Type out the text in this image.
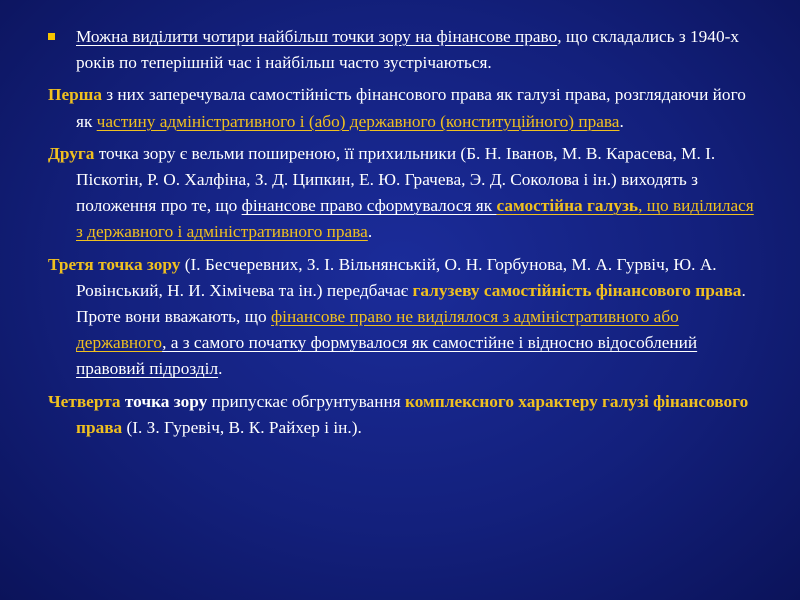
Можна виділити чотири найбільш точки зору на фінансове право, що складались з 1940-х років по теперішній час і найбільш часто зустрічаються.

Перша з них заперечувала самостійність фінансового права як галузі права, розглядаючи його як частину адміністративного і (або) державного (конституційного) права.

Друга точка зору є вельми поширеною, її прихильники (Б. Н. Іванов, М. В. Карасева, М. І. Піскотін, Р. О. Халфіна, З. Д. Ципкин, Е. Ю. Грачева, Э. Д. Соколова і ін.) виходять з положення про те, що фінансове право сформувалося як самостійна галузь, що виділилася з державного і адміністративного права.

Третя точка зору (І. Бесчеревних, З. І. Вільнянській, О. Н. Горбунова, М. А. Гурвіч, Ю. А. Ровінський, Н. И. Хімічева та ін.) передбачає галузеву самостійність фінансового права. Проте вони вважають, що фінансове право не виділялося з адміністративного або державного, а з самого початку формувалося як самостійне і відносно відособлений правовий підрозділ.

Четверта точка зору припускає обгрунтування комплексного характеру галузі фінансового права (І. З. Гуревіч, В. К. Райхер і ін.).
